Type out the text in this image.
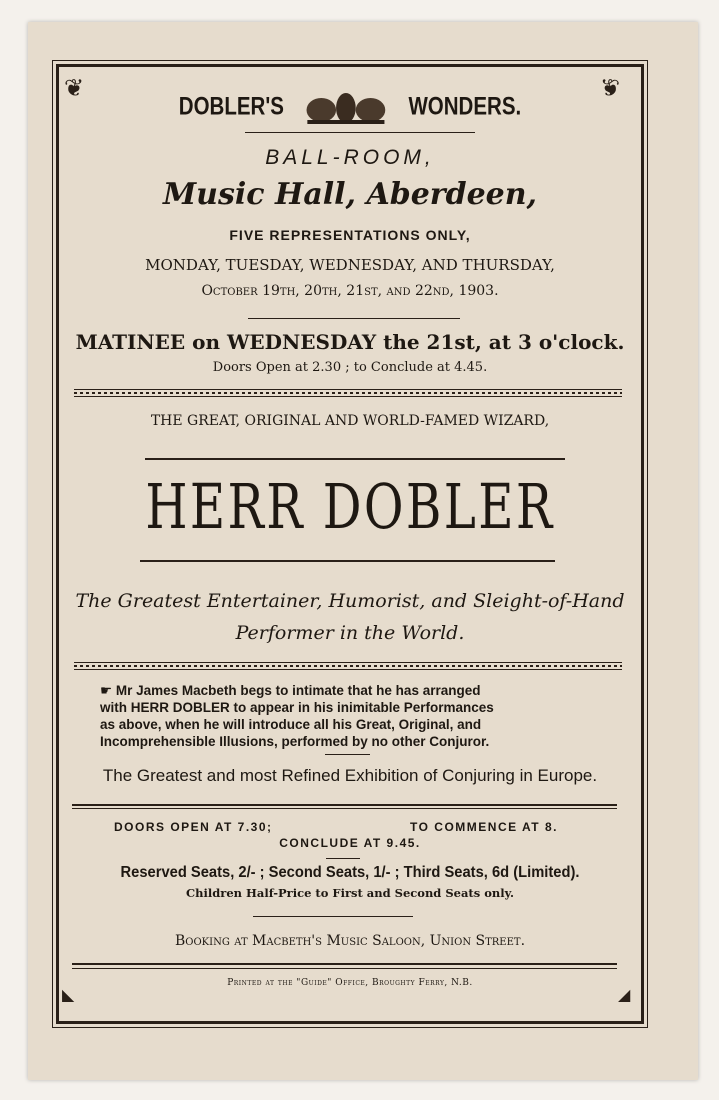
❦	❦
◣	◢
DOBLER'S	WONDERS.
BALL-ROOM,
Music Hall, Aberdeen,
FIVE REPRESENTATIONS ONLY,
MONDAY, TUESDAY, WEDNESDAY, AND THURSDAY,
October 19th, 20th, 21st, and 22nd, 1903.
MATINEE on WEDNESDAY the 21st, at 3 o'clock.
Doors Open at 2.30 ; to Conclude at 4.45.
THE GREAT, ORIGINAL AND WORLD-FAMED WIZARD,
HERR DOBLER
The Greatest Entertainer, Humorist, and Sleight-of-Hand
Performer in the World.
☛ Mr James Macbeth begs to intimate that he has arranged
with HERR DOBLER to appear in his inimitable Performances
as above, when he will introduce all his Great, Original, and
Incomprehensible Illusions, performed by no other Conjuror.
The Greatest and most Refined Exhibition of Conjuring in Europe.
DOORS OPEN AT 7.30;	TO COMMENCE AT 8.
CONCLUDE AT 9.45.
Reserved Seats, 2/- ; Second Seats, 1/- ; Third Seats, 6d (Limited).
Children Half-Price to First and Second Seats only.
Booking at Macbeth's Music Saloon, Union Street.
Printed at the "Guide" Office, Broughty Ferry, N.B.
